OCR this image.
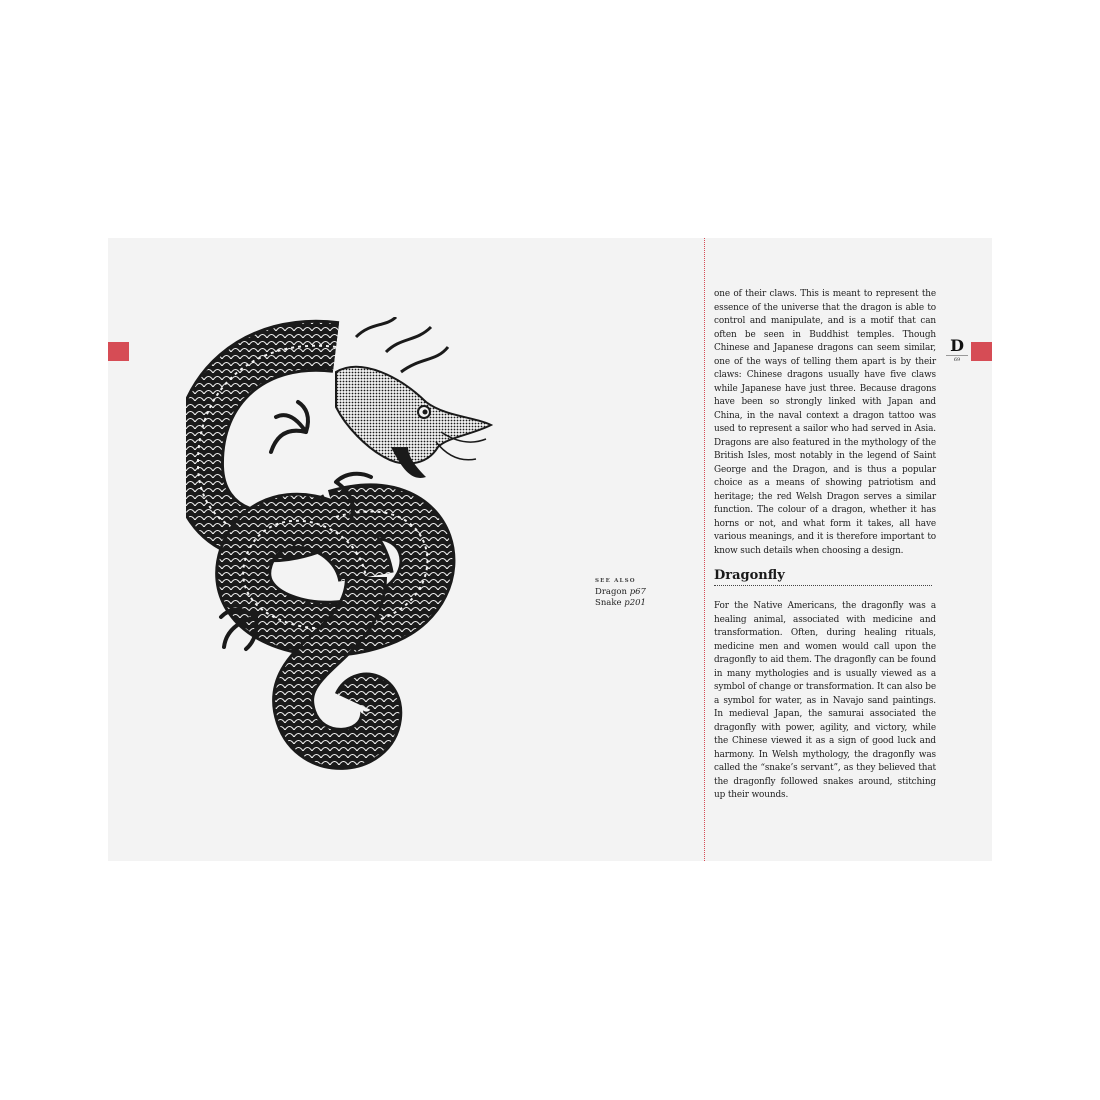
SEE ALSO
Dragon p67
Snake p201
D
69
one of their claws. This is meant to represent the essence of the universe that the dragon is able to control and manipulate, and is a motif that can often be seen in Buddhist temples. Though Chinese and Japanese dragons can seem similar, one of the ways of telling them apart is by their claws: Chinese dragons usually have five claws while Japanese have just three. Because dragons have been so strongly linked with Japan and China, in the naval context a dragon tattoo was used to represent a sailor who had served in Asia. Dragons are also featured in the mythology of the British Isles, most notably in the legend of Saint George and the Dragon, and is thus a popular choice as a means of showing patriotism and heritage; the red Welsh Dragon serves a similar function. The colour of a dragon, whether it has horns or not, and what form it takes, all have various meanings, and it is therefore important to know such details when choosing a design.
Dragonfly
For the Native Americans, the dragonfly was a healing animal, associated with medicine and transformation. Often, during healing rituals, medicine men and women would call upon the dragonfly to aid them. The dragonfly can be found in many mythologies and is usually viewed as a symbol of change or transformation. It can also be a symbol for water, as in Navajo sand paintings. In medieval Japan, the samurai associated the dragonfly with power, agility, and victory, while the Chinese viewed it as a sign of good luck and harmony. In Welsh mythology, the dragonfly was called the “snake’s servant”, as they believed that the dragonfly followed snakes around, stitching up their wounds.
